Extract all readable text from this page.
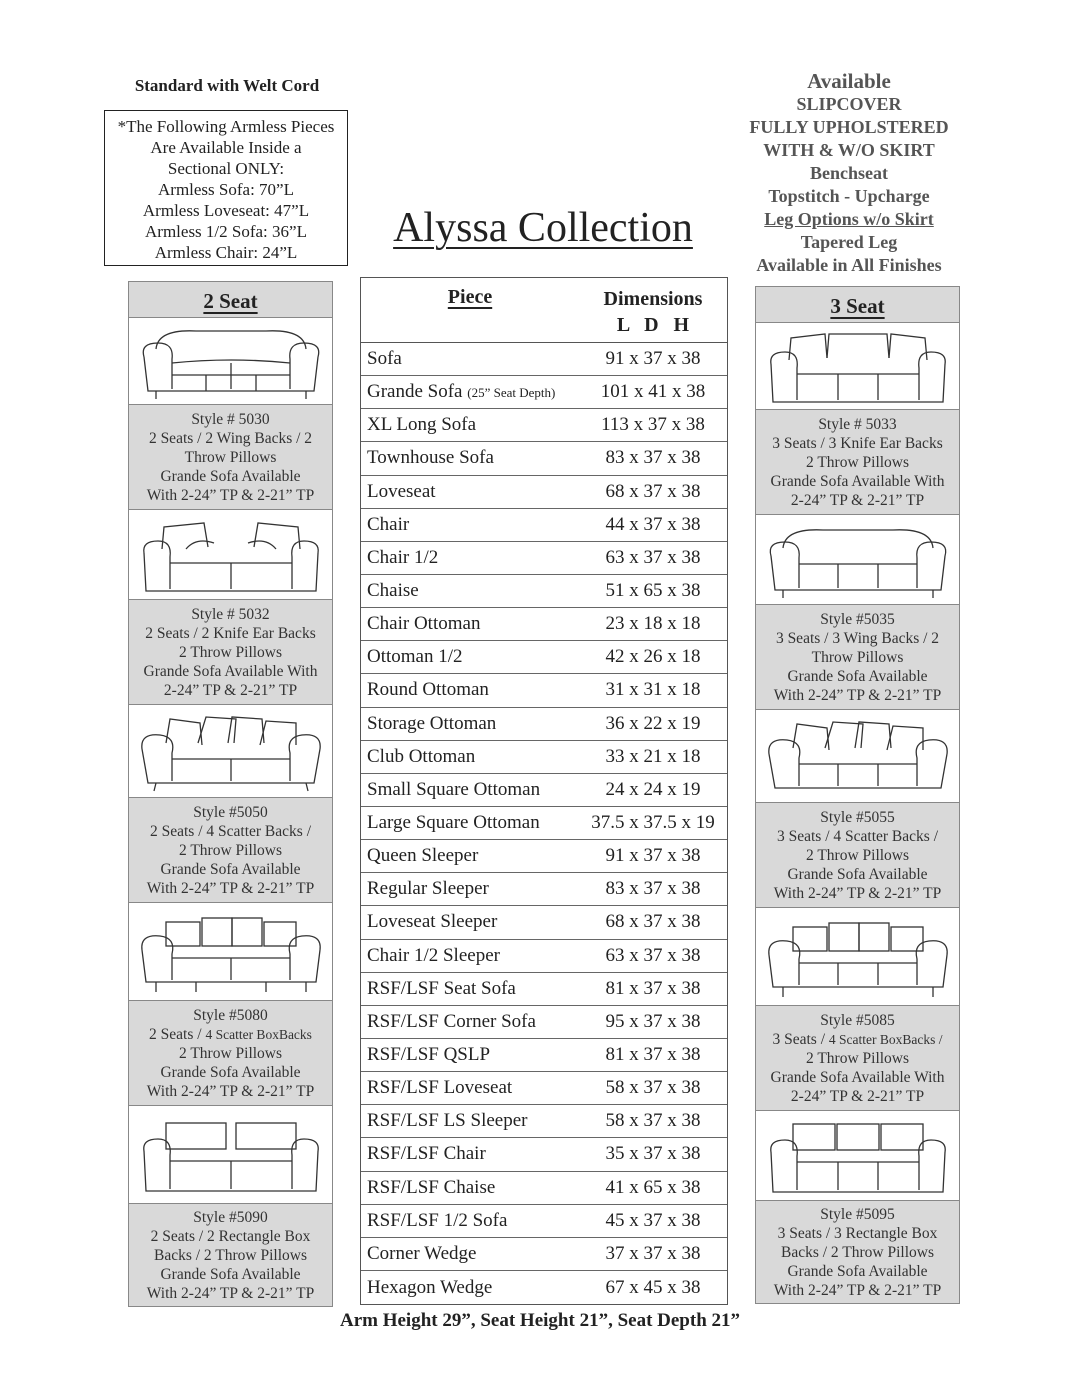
Standard with Welt Cord
*The Following Armless Pieces
Are Available Inside a
Sectional ONLY:
Armless Sofa: 70”L
Armless Loveseat: 47”L
Armless 1/2 Sofa: 36”L
Armless Chair: 24”L
Available
SLIPCOVER
FULLY UPHOLSTERED
WITH & W/O SKIRT
Benchseat
Topstitch - Upcharge
Leg Options w/o Skirt
Tapered Leg
Available in All Finishes
Alyssa Collection
2 Seat
Style # 5030
2 Seats / 2 Wing Backs / 2
Throw Pillows
Grande Sofa Available
With 2-24” TP & 2-21” TP
Style # 5032
2 Seats / 2 Knife Ear Backs
2 Throw Pillows
Grande Sofa Available With
2-24” TP & 2-21” TP
Style #5050
2 Seats / 4 Scatter Backs /
2 Throw Pillows
Grande Sofa Available
With 2-24” TP & 2-21” TP
Style #5080
2 Seats / 4 Scatter BoxBacks
2 Throw Pillows
Grande Sofa Available
With 2-24” TP & 2-21” TP
Style #5090
2 Seats / 2 Rectangle Box
Backs / 2 Throw Pillows
Grande Sofa Available
With 2-24” TP & 2-21” TP
Piece	Dimensions
L   D   H
Sofa	91 x 37 x 38
Grande Sofa (25” Seat Depth)	101 x 41 x 38
XL Long Sofa	113 x 37 x 38
Townhouse Sofa	83 x 37 x 38
Loveseat	68 x 37 x 38
Chair	44 x 37 x 38
Chair 1/2	63 x 37 x 38
Chaise	51 x 65 x 38
Chair Ottoman	23 x 18 x 18
Ottoman 1/2	42 x 26 x 18
Round Ottoman	31 x 31 x 18
Storage Ottoman	36 x 22 x 19
Club Ottoman	33 x 21 x 18
Small Square Ottoman	24 x 24 x 19
Large Square Ottoman	37.5 x 37.5 x 19
Queen Sleeper	91 x 37 x 38
Regular Sleeper	83 x 37 x 38
Loveseat Sleeper	68 x 37 x 38
Chair 1/2 Sleeper	63 x 37 x 38
RSF/LSF Seat Sofa	81 x 37 x 38
RSF/LSF Corner Sofa	95 x 37 x 38
RSF/LSF QSLP	81 x 37 x 38
RSF/LSF Loveseat	58 x 37 x 38
RSF/LSF LS Sleeper	58 x 37 x 38
RSF/LSF Chair	35 x 37 x 38
RSF/LSF Chaise	41 x 65 x 38
RSF/LSF 1/2 Sofa	45 x 37 x 38
Corner Wedge	37 x 37 x 38
Hexagon Wedge	67 x 45 x 38
3 Seat
Style # 5033
3 Seats / 3 Knife Ear Backs
2 Throw Pillows
Grande Sofa Available With
2-24” TP & 2-21” TP
Style #5035
3 Seats / 3 Wing Backs / 2
Throw Pillows
Grande Sofa Available
With 2-24” TP & 2-21” TP
Style #5055
3 Seats / 4 Scatter Backs /
2 Throw Pillows
Grande Sofa Available
With 2-24” TP & 2-21” TP
Style #5085
3 Seats / 4 Scatter BoxBacks /
2 Throw Pillows
Grande Sofa Available With
2-24” TP & 2-21” TP
Style #5095
3 Seats / 3 Rectangle Box
Backs / 2 Throw Pillows
Grande Sofa Available
With 2-24” TP & 2-21” TP
Arm Height 29”, Seat Height 21”, Seat Depth 21”
